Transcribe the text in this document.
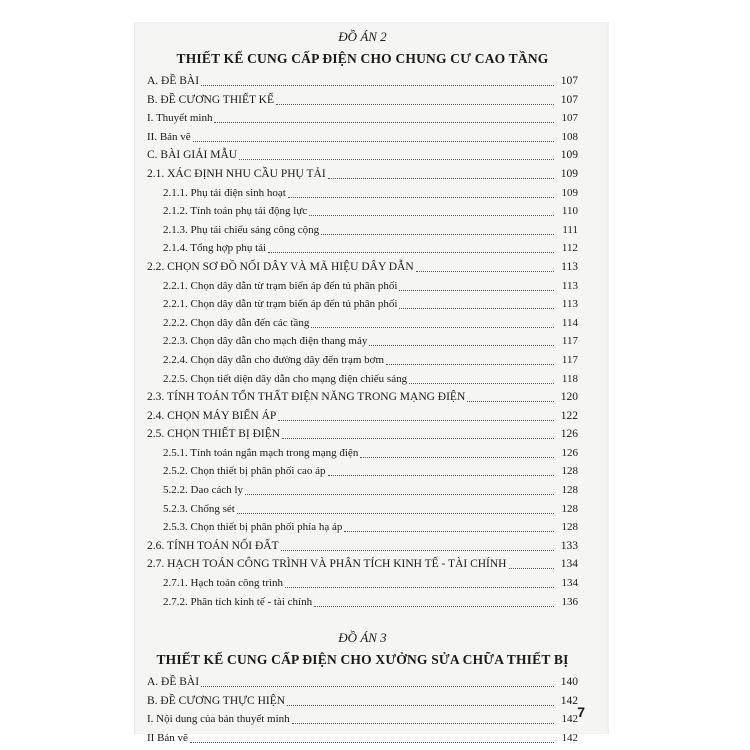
ĐỒ ÁN 2
THIẾT KẾ CUNG CẤP ĐIỆN CHO CHUNG CƯ CAO TẦNG
A. ĐỀ BÀI	107
B. ĐỀ CƯƠNG THIẾT KẾ	107
I. Thuyết minh	107
II. Bản vẽ	108
C. BÀI GIẢI MẪU	109
2.1. XÁC ĐỊNH NHU CẦU PHỤ TẢI	109
2.1.1. Phụ tải điện sinh hoạt	109
2.1.2. Tính toán phụ tải động lực	110
2.1.3. Phụ tải chiếu sáng công cộng	111
2.1.4. Tổng hợp phụ tải	112
2.2. CHỌN SƠ ĐỒ NỐI DÂY VÀ MÃ HIỆU DÂY DẪN	113
2.2.1. Chọn dây dẫn từ trạm biến áp đến tủ phân phối	113
2.2.1. Chọn dây dẫn từ trạm biến áp đến tủ phân phối	113
2.2.2. Chọn dây dẫn đến các tầng	114
2.2.3. Chọn dây dẫn cho mạch điện thang máy	117
2.2.4. Chọn dây dẫn cho đường dây đến trạm bơm	117
2.2.5. Chọn tiết diện dây dẫn cho mạng điện chiếu sáng	118
2.3. TÍNH TOÁN TỔN THẤT ĐIỆN NĂNG TRONG MẠNG ĐIỆN	120
2.4. CHỌN MÁY BIẾN ÁP	122
2.5. CHỌN THIẾT BỊ ĐIỆN	126
2.5.1. Tính toán ngắn mạch trong mạng điện	126
2.5.2. Chọn thiết bị phân phối cao áp	128
5.2.2. Dao cách ly	128
5.2.3. Chống sét	128
2.5.3. Chọn thiết bị phân phối phía hạ áp	128
2.6. TÍNH TOÁN NỐI ĐẤT	133
2.7. HẠCH TOÁN CÔNG TRÌNH VÀ PHÂN TÍCH KINH TẾ - TÀI CHÍNH	134
2.7.1. Hạch toán công trình	134
2.7.2. Phân tích kinh tế - tài chính	136
ĐỒ ÁN 3
THIẾT KẾ CUNG CẤP ĐIỆN CHO XƯỞNG SỬA CHỮA THIẾT BỊ
A. ĐỀ BÀI	140
B. ĐỀ CƯƠNG THỰC HIỆN	142
I. Nội dung của bản thuyết minh	142
II Bản vẽ	142
7
